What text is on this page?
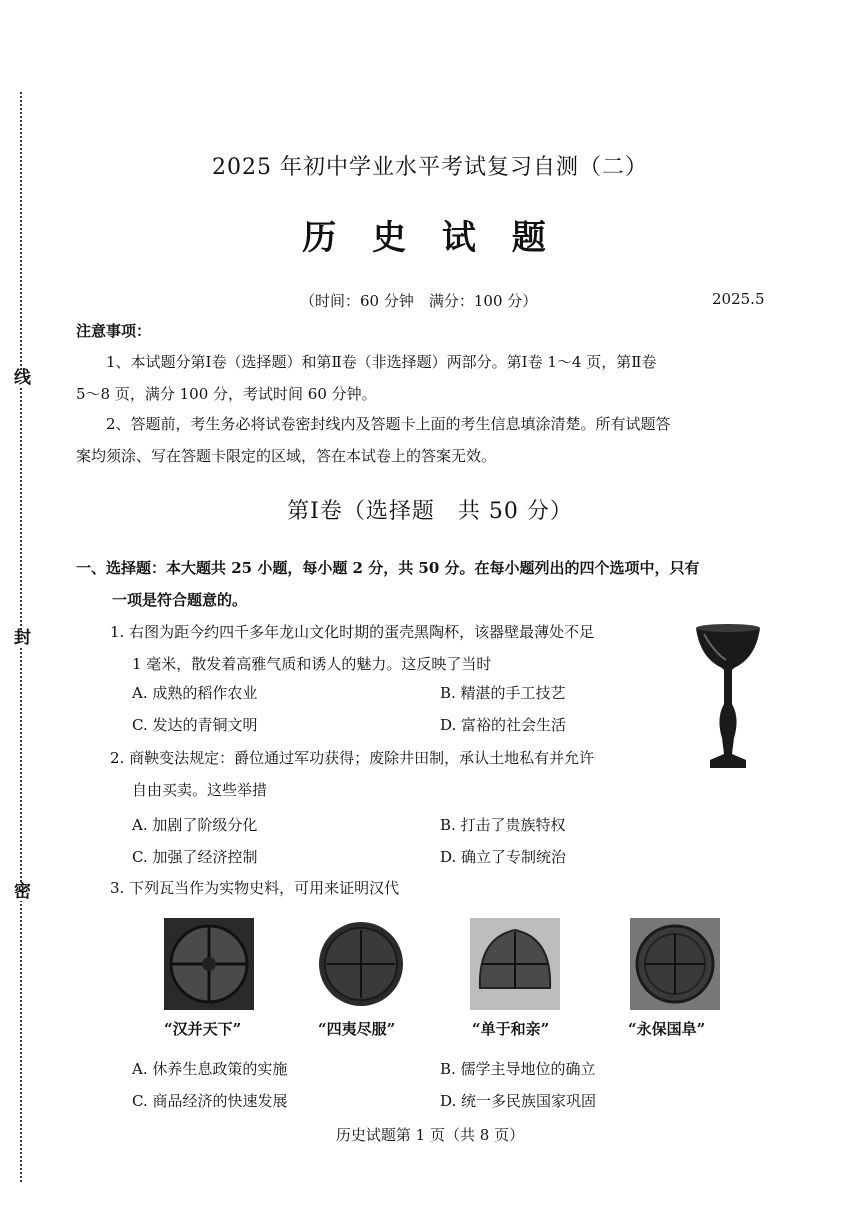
线
封
密
2025 年初中学业水平考试复习自测（二）
历 史 试 题
（时间：60 分钟　满分：100 分）	2025.5
注意事项：
1、本试题分第Ⅰ卷（选择题）和第Ⅱ卷（非选择题）两部分。第Ⅰ卷 1～4 页，第Ⅱ卷
5～8 页，满分 100 分，考试时间 60 分钟。
2、答题前，考生务必将试卷密封线内及答题卡上面的考生信息填涂清楚。所有试题答
案均须涂、写在答题卡限定的区域，答在本试卷上的答案无效。
第Ⅰ卷（选择题　共 50 分）
一、选择题：本大题共 25 小题，每小题 2 分，共 50 分。在每小题列出的四个选项中，只有
一项是符合题意的。
1. 右图为距今约四千多年龙山文化时期的蛋壳黑陶杯，该器壁最薄处不足
1 毫米，散发着高雅气质和诱人的魅力。这反映了当时
A. 成熟的稻作农业	B. 精湛的手工技艺
C. 发达的青铜文明	D. 富裕的社会生活
2. 商鞅变法规定：爵位通过军功获得；废除井田制，承认土地私有并允许
自由买卖。这些举措
A. 加剧了阶级分化	B. 打击了贵族特权
C. 加强了经济控制	D. 确立了专制统治
3. 下列瓦当作为实物史料，可用来证明汉代
“汉并天下”	“四夷尽服”	“单于和亲”	“永保国阜”
A. 休养生息政策的实施	B. 儒学主导地位的确立
C. 商品经济的快速发展	D. 统一多民族国家巩固
历史试题第 1 页（共 8 页）
